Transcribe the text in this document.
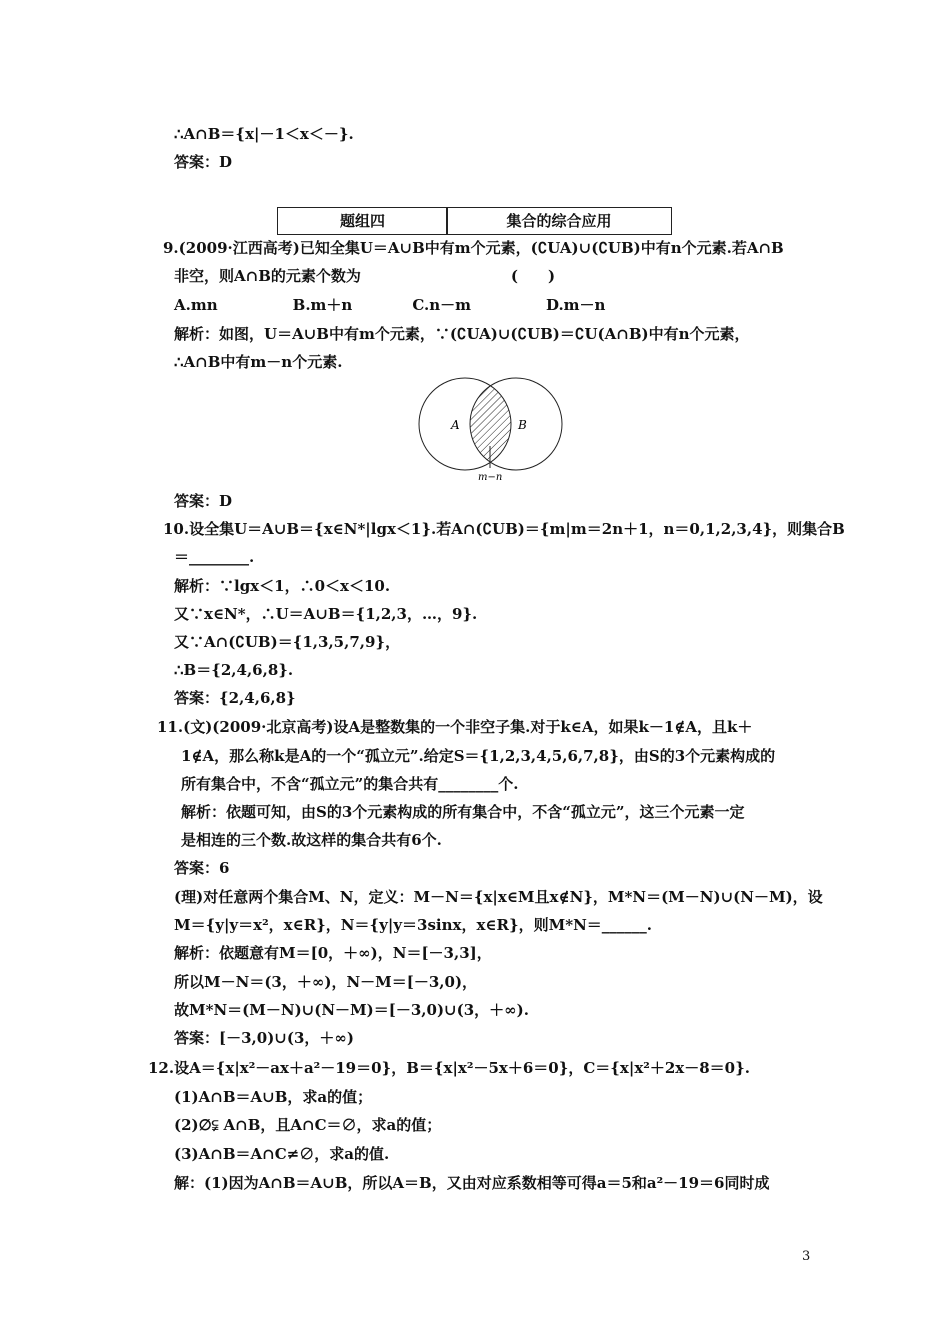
∴A∩B＝{x|－1＜x＜－}.
答案：D
题组四	集合的综合应用
9.(2009·江西高考)已知全集U＝A∪B中有m个元素，(∁UA)∪(∁UB)中有n个元素.若A∩B
非空，则A∩B的元素个数为　　　　　　　　　　(　　)
A.mn　　　　　B.m＋n　　　　C.n－m　　　　　D.m－n
解析：如图，U＝A∪B中有m个元素，∵(∁UA)∪(∁UB)＝∁U(A∩B)中有n个元素，
∴A∩B中有m－n个元素.
A	B
m−n
答案：D
10.设全集U＝A∪B＝{x∈N*|lgx＜1}.若A∩(∁UB)＝{m|m＝2n＋1，n＝0,1,2,3,4}，则集合B
＝________.
解析：∵lgx＜1，∴0＜x＜10.
又∵x∈N*，∴U＝A∪B＝{1,2,3，…，9}.
又∵A∩(∁UB)＝{1,3,5,7,9}，
∴B＝{2,4,6,8}.
答案：{2,4,6,8}
11.(文)(2009·北京高考)设A是整数集的一个非空子集.对于k∈A，如果k－1∉A，且k＋
1∉A，那么称k是A的一个“孤立元”.给定S＝{1,2,3,4,5,6,7,8}，由S的3个元素构成的
所有集合中，不含“孤立元”的集合共有________个.
解析：依题可知，由S的3个元素构成的所有集合中，不含“孤立元”，这三个元素一定
是相连的三个数.故这样的集合共有6个.
答案：6
(理)对任意两个集合M、N，定义：M－N＝{x|x∈M且x∉N}，M*N＝(M－N)∪(N－M)，设
M＝{y|y＝x²，x∈R}，N＝{y|y＝3sinx，x∈R}，则M*N＝______.
解析：依题意有M＝[0，＋∞)，N＝[－3,3]，
所以M－N＝(3，＋∞)，N－M＝[－3,0)，
故M*N＝(M－N)∪(N－M)＝[－3,0)∪(3，＋∞).
答案：[－3,0)∪(3，＋∞)
12.设A＝{x|x²－ax＋a²－19＝0}，B＝{x|x²－5x＋6＝0}，C＝{x|x²＋2x－8＝0}.
(1)A∩B＝A∪B，求a的值；
(2)∅⫋ A∩B，且A∩C＝∅，求a的值；
(3)A∩B＝A∩C≠∅，求a的值.
解：(1)因为A∩B＝A∪B，所以A＝B，又由对应系数相等可得a＝5和a²－19＝6同时成
3
